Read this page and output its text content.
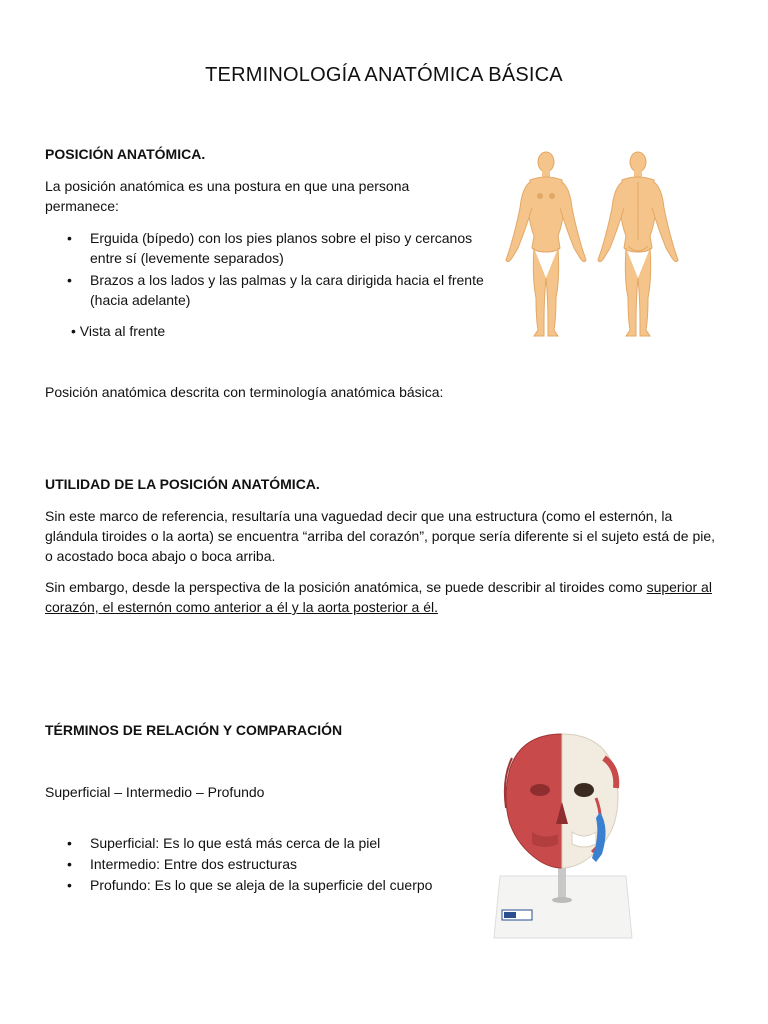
TERMINOLOGÍA ANATÓMICA BÁSICA
POSICIÓN ANATÓMICA.
La posición anatómica es una postura en que una persona permanece:
• Erguida (bípedo) con los pies planos sobre el piso y cercanos entre sí (levemente separados)
• Brazos a los lados y las palmas y la cara dirigida hacia el frente (hacia adelante)
• Vista al frente
Posición anatómica descrita con terminología anatómica básica:
UTILIDAD DE LA POSICIÓN ANATÓMICA.
Sin este marco de referencia, resultaría una vaguedad decir que una estructura (como el esternón, la glándula tiroides o la aorta) se encuentra “arriba del corazón”, porque sería diferente si el sujeto está de pie, o acostado boca abajo o boca arriba.
Sin embargo, desde la perspectiva de la posición anatómica, se puede describir al tiroides como superior al corazón, el esternón como anterior a él y la aorta posterior a él.
TÉRMINOS DE RELACIÓN Y COMPARACIÓN
Superficial – Intermedio – Profundo
• Superficial: Es lo que está más cerca de la piel
• Intermedio: Entre dos estructuras
• Profundo: Es lo que se aleja de la superficie del cuerpo
